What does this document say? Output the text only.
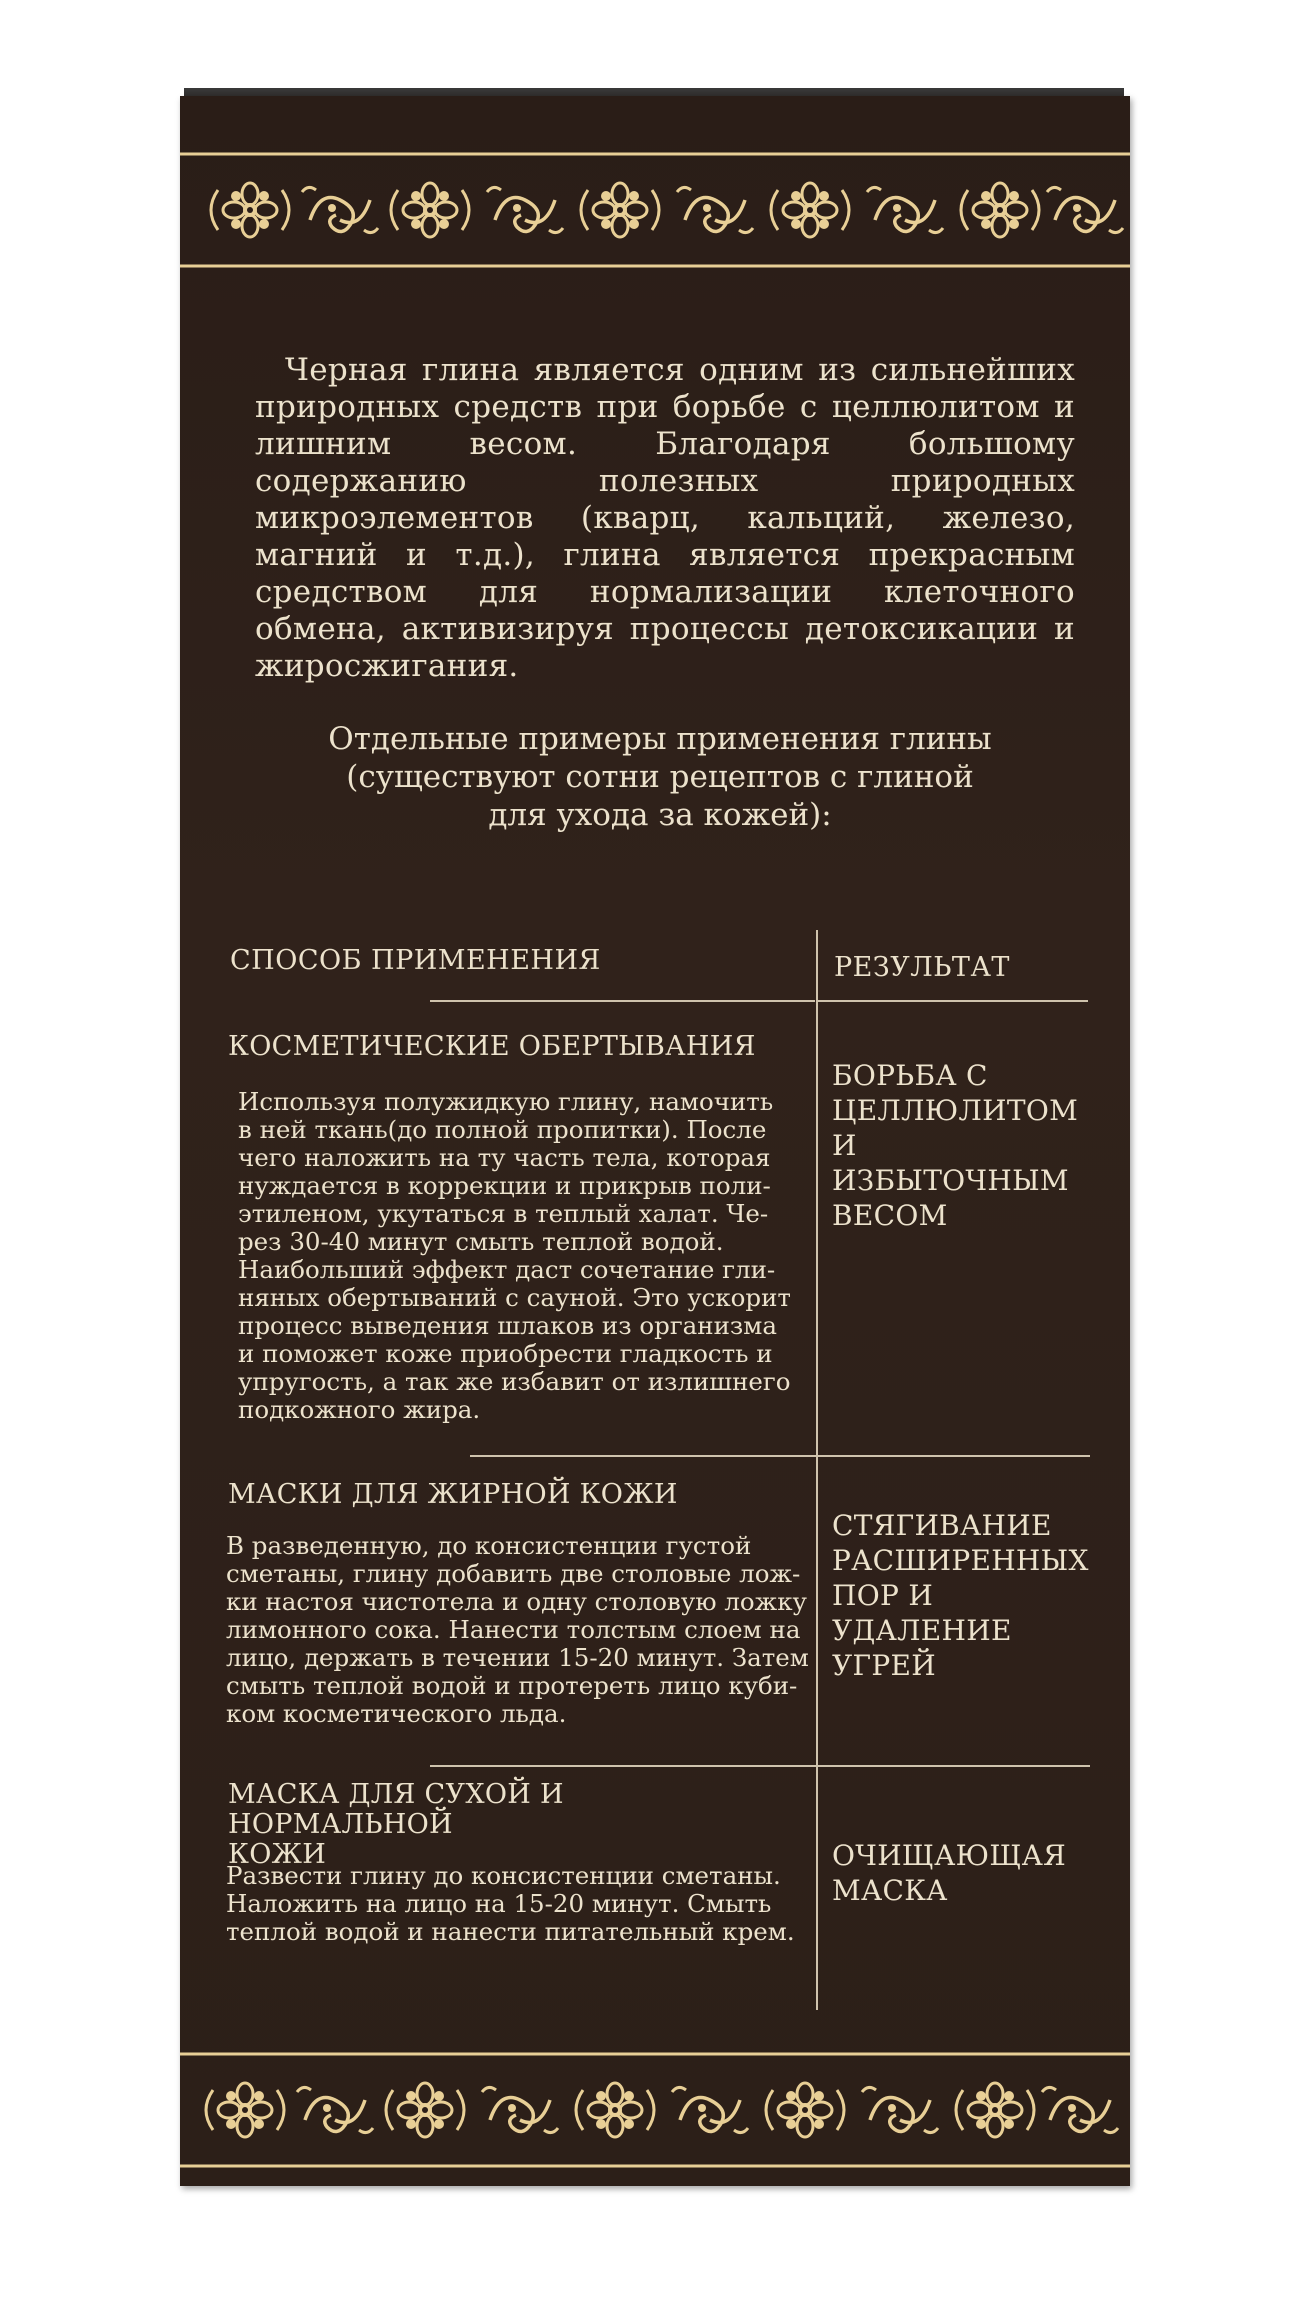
Черная глина является одним из сильнейших природных средств при борьбе с целлюлитом и лишним весом. Благодаря большому содержанию полезных природных микроэлементов (кварц, кальций, железо, магний и т.д.), глина является прекрасным средством для нормализации клеточного обмена, активизируя процессы детоксикации и жиросжигания.
Отдельные примеры применения глины
(существуют сотни рецептов с глиной
для ухода за кожей):
СПОСОБ ПРИМЕНЕНИЯ	РЕЗУЛЬТАТ
КОСМЕТИЧЕСКИЕ ОБЕРТЫВАНИЯ
Используя полужидкую глину, намочить
в ней ткань(до полной пропитки). После
чего наложить на ту часть тела, которая
нуждается в коррекции и прикрыв поли-
этиленом, укутаться в теплый халат. Че-
рез 30-40 минут смыть теплой водой.
Наибольший эффект даст сочетание гли-
няных обертываний с сауной. Это ускорит
процесс выведения шлаков из организма
и поможет коже приобрести гладкость и
упругость, а так же избавит от излишнего
подкожного жира.
БОРЬБА С
ЦЕЛЛЮЛИТОМ
И ИЗБЫТОЧНЫМ
ВЕСОМ
МАСКИ ДЛЯ ЖИРНОЙ КОЖИ
В разведенную, до консистенции густой
сметаны, глину добавить две столовые лож-
ки настоя чистотела и одну столовую ложку
лимонного сока. Нанести толстым слоем на
лицо, держать в течении 15-20 минут. Затем
смыть теплой водой и протереть лицо куби-
ком косметического льда.
СТЯГИВАНИЕ
РАСШИРЕННЫХ
ПОР И
УДАЛЕНИЕ УГРЕЙ
МАСКА ДЛЯ СУХОЙ И НОРМАЛЬНОЙ
КОЖИ
Развести глину до консистенции сметаны.
Наложить на лицо на 15-20 минут. Смыть
теплой водой и нанести питательный крем.
ОЧИЩАЮЩАЯ
МАСКА
